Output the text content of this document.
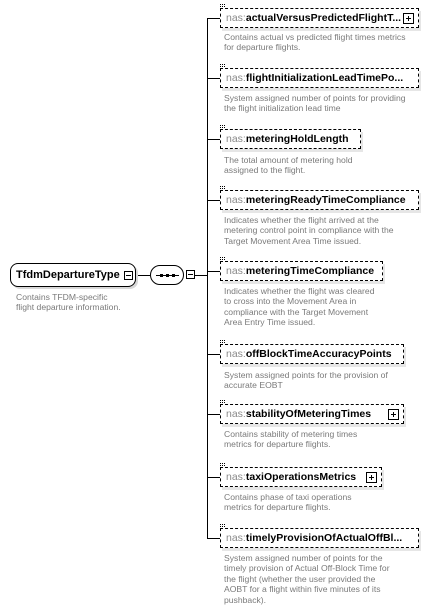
TfdmDepartureType
Contains TFDM-specific
flight departure information.
nas:actualVersusPredictedFlightT...
Contains actual vs predicted flight times metrics
for departure flights.
nas:flightInitializationLeadTimePo...
System assigned number of points for providing
the flight initialization lead time
nas:meteringHoldLength
The total amount of metering hold
assigned to the flight.
nas:meteringReadyTimeCompliance
Indicates whether the flight arrived at the
metering control point in compliance with the
Target Movement Area Time issued.
nas:meteringTimeCompliance
Indicates whether the flight was cleared
to cross into the Movement Area in
compliance with the Target Movement
Area Entry Time issued.
nas:offBlockTimeAccuracyPoints
System assigned points for the provision of
accurate EOBT
nas:stabilityOfMeteringTimes
Contains stability of metering times
metrics for departure flights.
nas:taxiOperationsMetrics
Contains phase of taxi operations
metrics for departure flights.
nas:timelyProvisionOfActualOffBl...
System assigned number of points for the
timely provision of Actual Off-Block Time for
the flight (whether the user provided the
AOBT for a flight within five minutes of its
pushback).
